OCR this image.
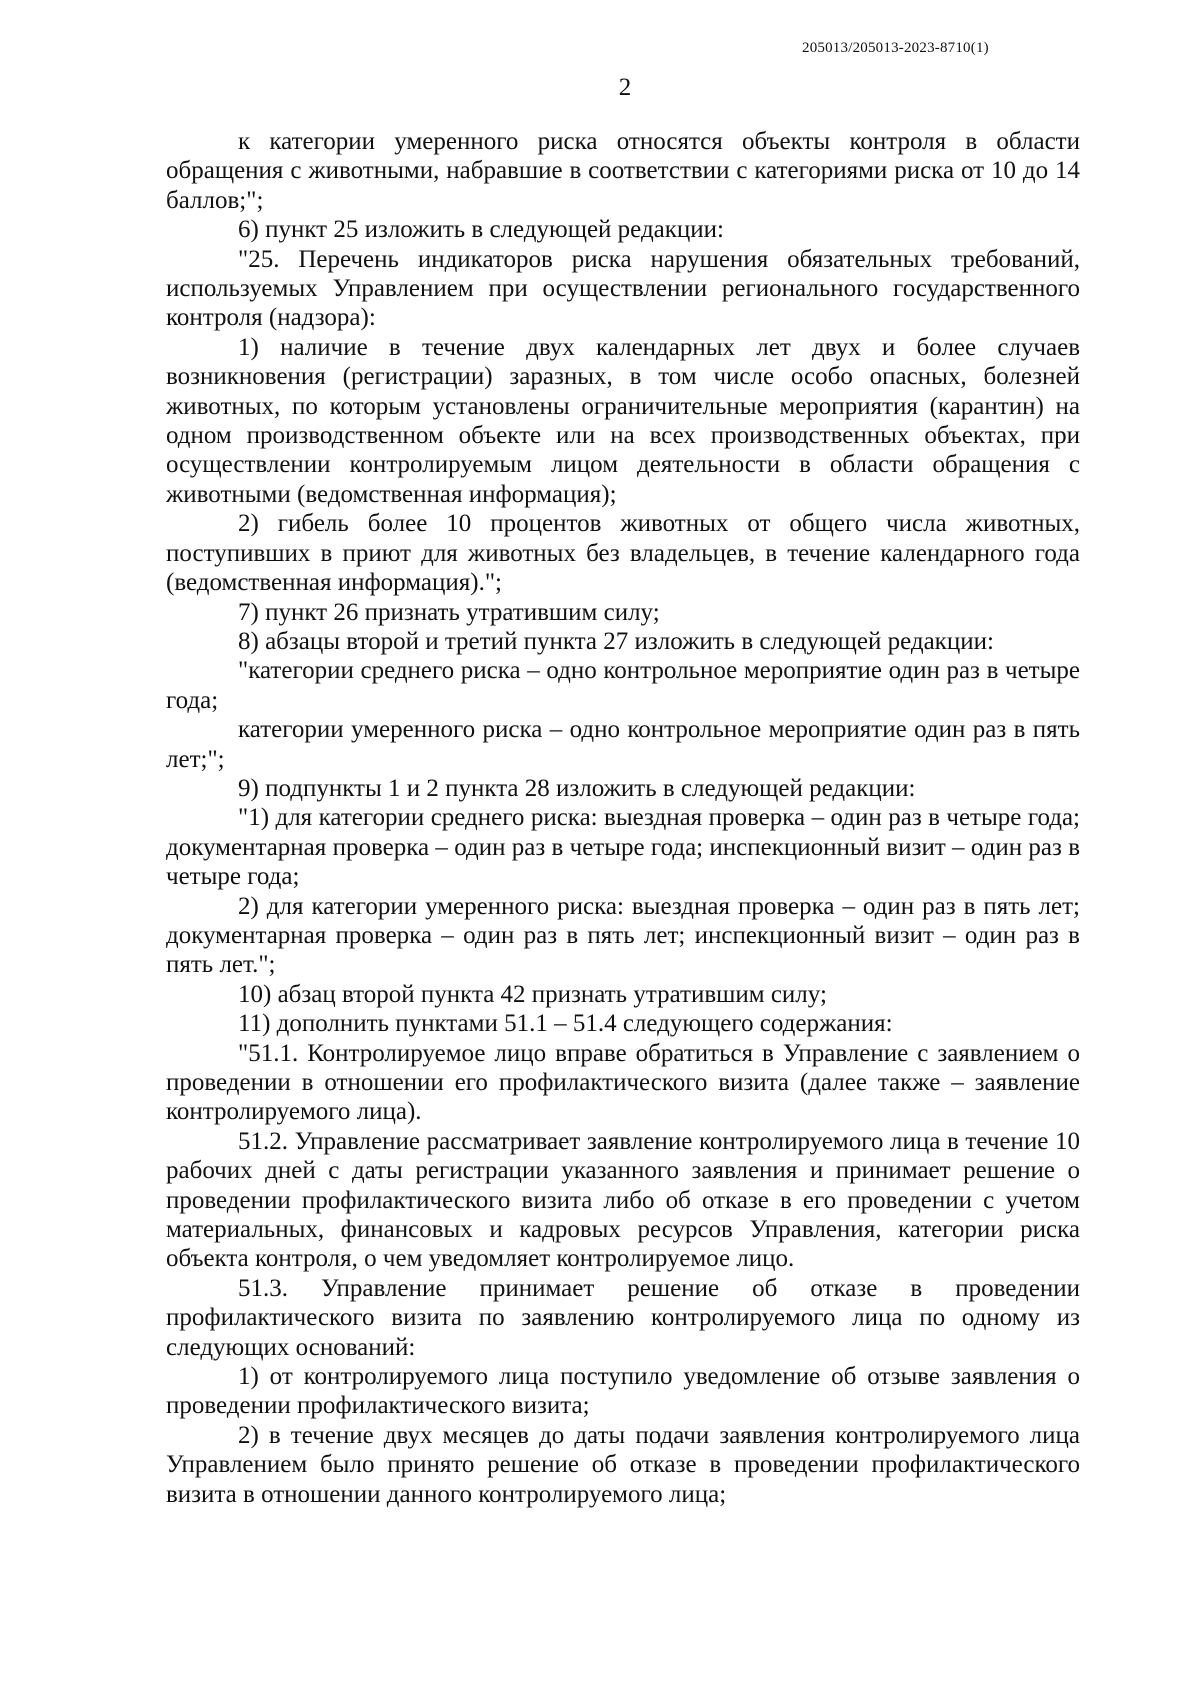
205013/205013-2023-8710(1)
2

к категории умеренного риска относятся объекты контроля в области обращения с животными, набравшие в соответствии с категориями риска от 10 до 14 баллов;";

6) пункт 25 изложить в следующей редакции:

"25. Перечень индикаторов риска нарушения обязательных требований, используемых Управлением при осуществлении регионального государственного контроля (надзора):

1) наличие в течение двух календарных лет двух и более случаев возникновения (регистрации) заразных, в том числе особо опасных, болезней животных, по которым установлены ограничительные мероприятия (карантин) на одном производственном объекте или на всех производственных объектах, при осуществлении контролируемым лицом деятельности в области обращения с животными (ведомственная информация);

2) гибель более 10 процентов животных от общего числа животных, поступивших в приют для животных без владельцев, в течение календарного года (ведомственная информация).";

7) пункт 26 признать утратившим силу;

8) абзацы второй и третий пункта 27 изложить в следующей редакции:

"категории среднего риска – одно контрольное мероприятие один раз в четыре года;

категории умеренного риска – одно контрольное мероприятие один раз в пять лет;";

9) подпункты 1 и 2 пункта 28 изложить в следующей редакции:

"1) для категории среднего риска: выездная проверка – один раз в четыре года; документарная проверка – один раз в четыре года; инспекционный визит – один раз в четыре года;

2) для категории умеренного риска: выездная проверка – один раз в пять лет; документарная проверка – один раз в пять лет; инспекционный визит – один раз в пять лет.";

10) абзац второй пункта 42 признать утратившим силу;

11) дополнить пунктами 51.1 – 51.4 следующего содержания:

"51.1. Контролируемое лицо вправе обратиться в Управление с заявлением о проведении в отношении его профилактического визита (далее также – заявление контролируемого лица).

51.2. Управление рассматривает заявление контролируемого лица в течение 10 рабочих дней с даты регистрации указанного заявления и принимает решение о проведении профилактического визита либо об отказе в его проведении с учетом материальных, финансовых и кадровых ресурсов Управления, категории риска объекта контроля, о чем уведомляет контролируемое лицо.

51.3. Управление принимает решение об отказе в проведении профилактического визита по заявлению контролируемого лица по одному из следующих оснований:

1) от контролируемого лица поступило уведомление об отзыве заявления о проведении профилактического визита;

2) в течение двух месяцев до даты подачи заявления контролируемого лица Управлением было принято решение об отказе в проведении профилактического визита в отношении данного контролируемого лица;
